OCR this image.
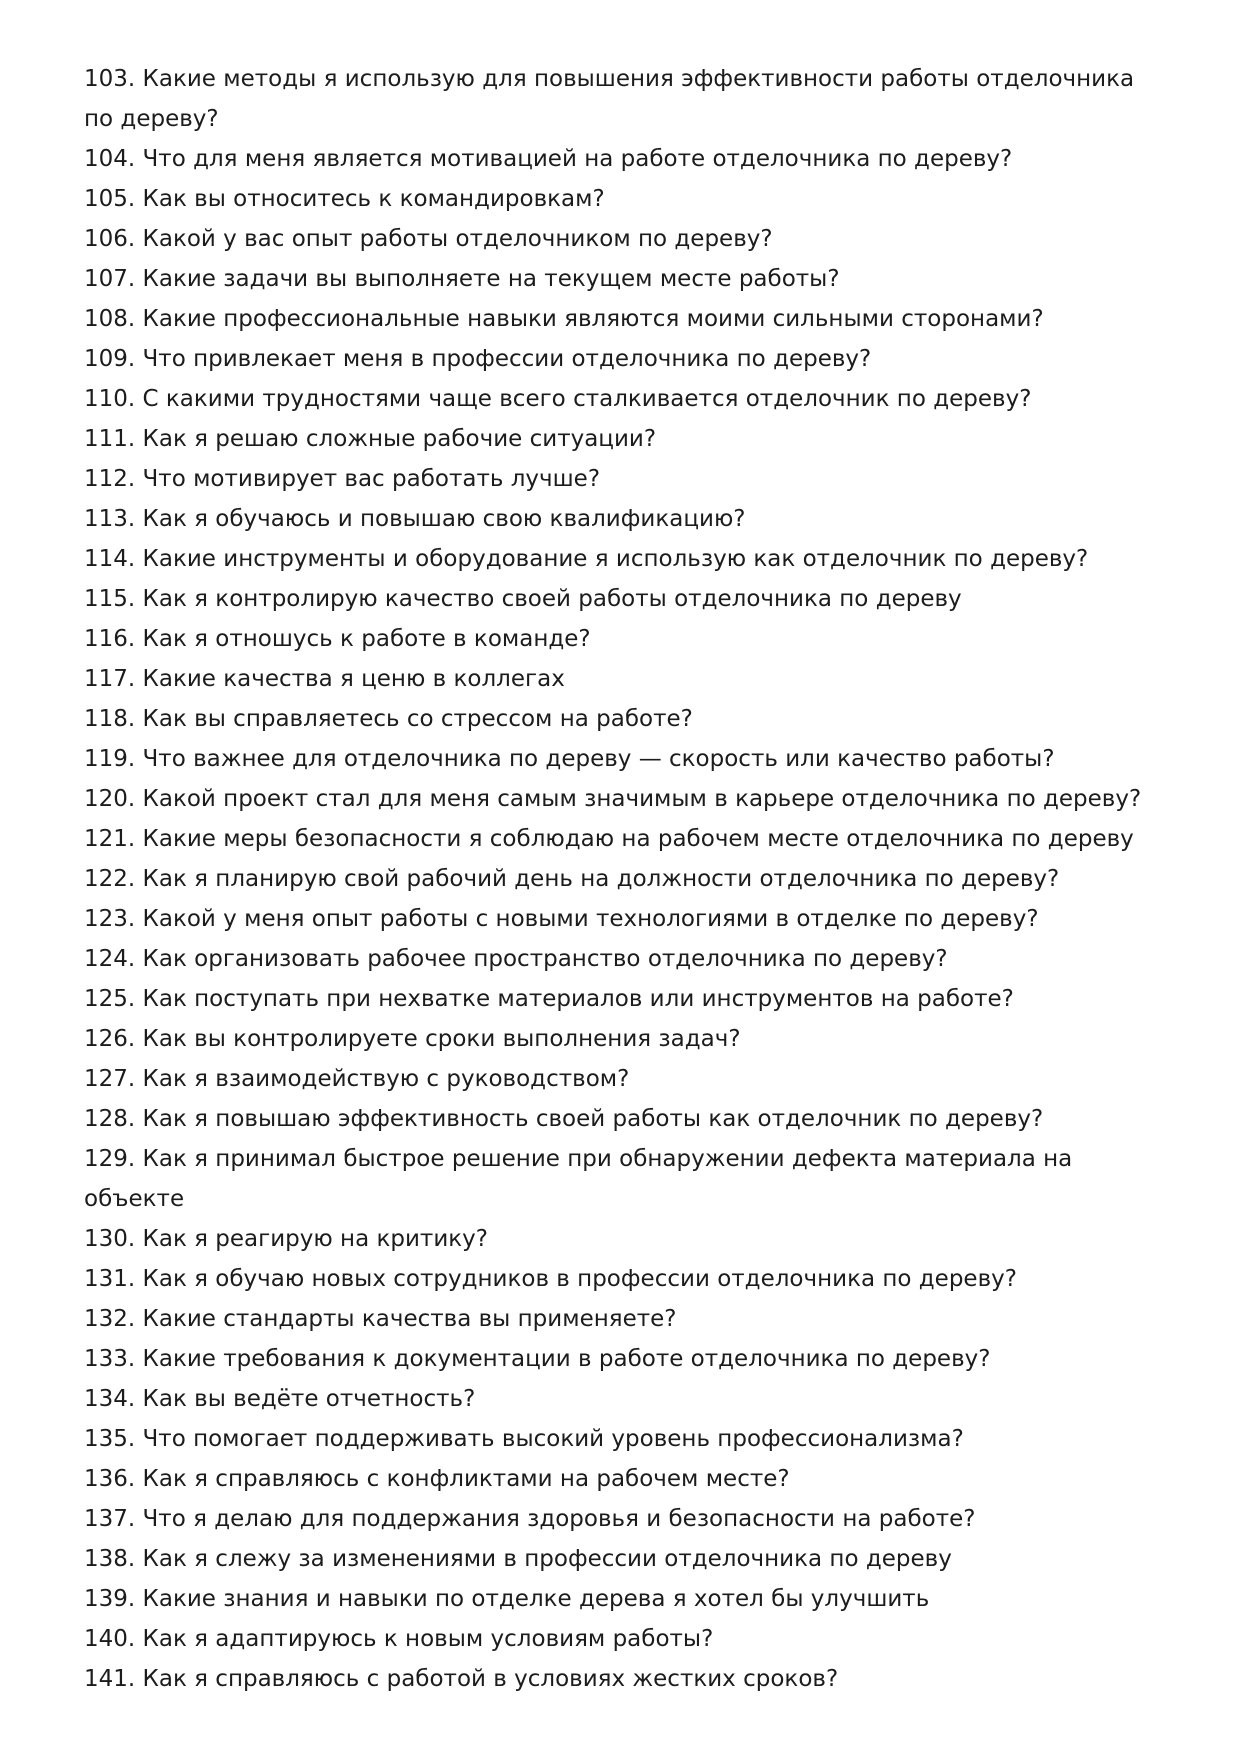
103. Какие методы я использую для повышения эффективности работы отделочника по дереву?
104. Что для меня является мотивацией на работе отделочника по дереву?
105. Как вы относитесь к командировкам?
106. Какой у вас опыт работы отделочником по дереву?
107. Какие задачи вы выполняете на текущем месте работы?
108. Какие профессиональные навыки являются моими сильными сторонами?
109. Что привлекает меня в профессии отделочника по дереву?
110. С какими трудностями чаще всего сталкивается отделочник по дереву?
111. Как я решаю сложные рабочие ситуации?
112. Что мотивирует вас работать лучше?
113. Как я обучаюсь и повышаю свою квалификацию?
114. Какие инструменты и оборудование я использую как отделочник по дереву?
115. Как я контролирую качество своей работы отделочника по дереву
116. Как я отношусь к работе в команде?
117. Какие качества я ценю в коллегах
118. Как вы справляетесь со стрессом на работе?
119. Что важнее для отделочника по дереву — скорость или качество работы?
120. Какой проект стал для меня самым значимым в карьере отделочника по дереву?
121. Какие меры безопасности я соблюдаю на рабочем месте отделочника по дереву
122. Как я планирую свой рабочий день на должности отделочника по дереву?
123. Какой у меня опыт работы с новыми технологиями в отделке по дереву?
124. Как организовать рабочее пространство отделочника по дереву?
125. Как поступать при нехватке материалов или инструментов на работе?
126. Как вы контролируете сроки выполнения задач?
127. Как я взаимодействую с руководством?
128. Как я повышаю эффективность своей работы как отделочник по дереву?
129. Как я принимал быстрое решение при обнаружении дефекта материала на объекте
130. Как я реагирую на критику?
131. Как я обучаю новых сотрудников в профессии отделочника по дереву?
132. Какие стандарты качества вы применяете?
133. Какие требования к документации в работе отделочника по дереву?
134. Как вы ведёте отчетность?
135. Что помогает поддерживать высокий уровень профессионализма?
136. Как я справляюсь с конфликтами на рабочем месте?
137. Что я делаю для поддержания здоровья и безопасности на работе?
138. Как я слежу за изменениями в профессии отделочника по дереву
139. Какие знания и навыки по отделке дерева я хотел бы улучшить
140. Как я адаптируюсь к новым условиям работы?
141. Как я справляюсь с работой в условиях жестких сроков?
